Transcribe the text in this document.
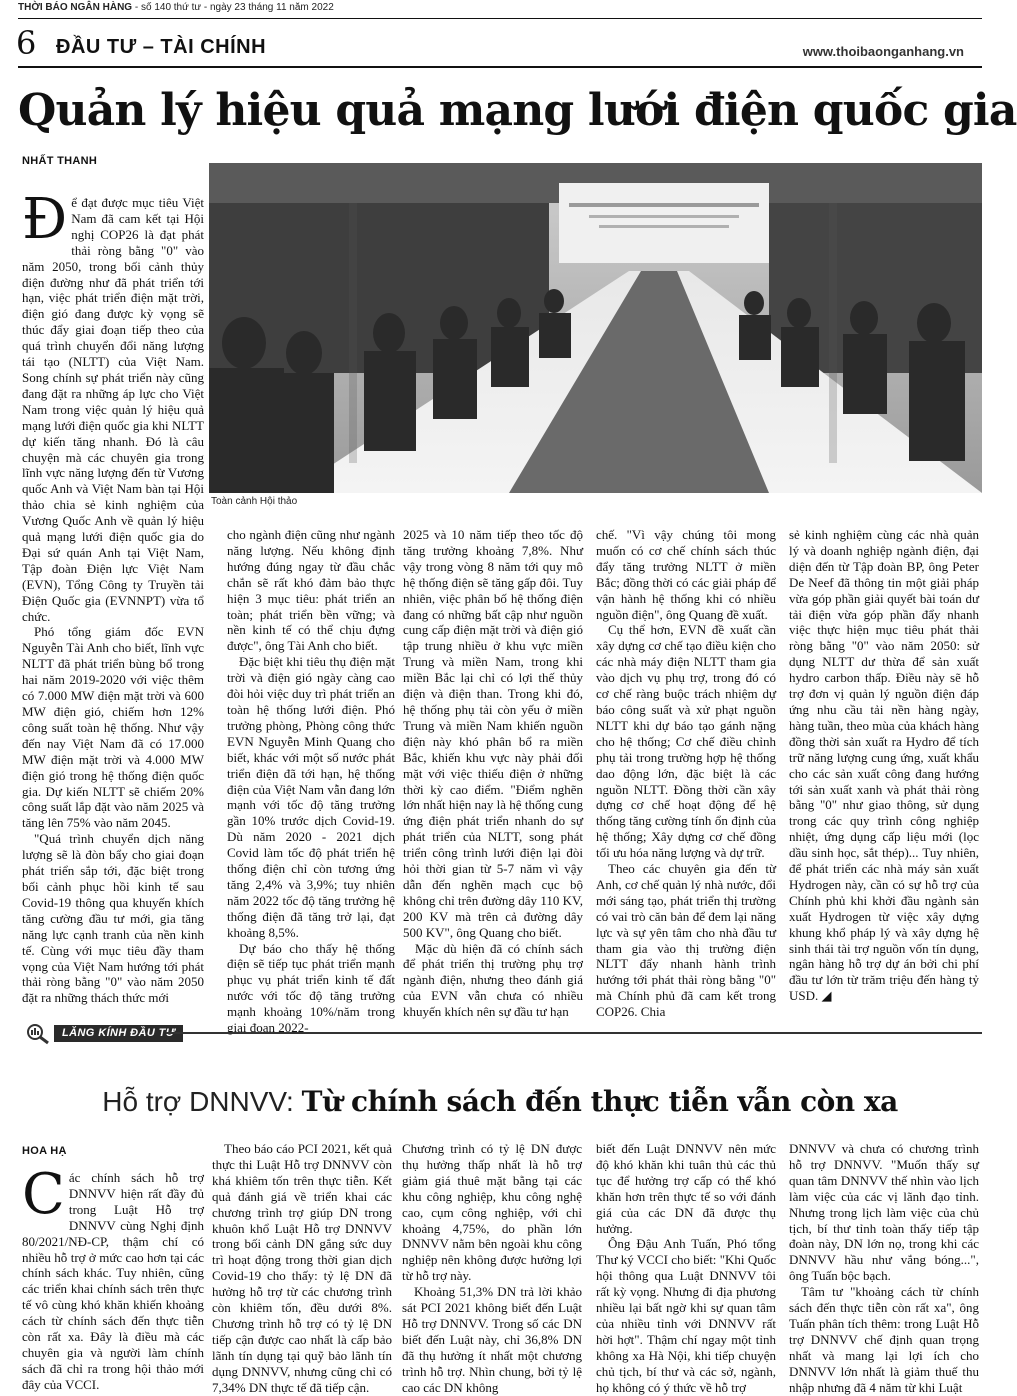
THỜI BÁO NGÂN HÀNG - số 140 thứ tư - ngày 23 tháng 11 năm 2022
6 ĐẦU TƯ – TÀI CHÍNH	www.thoibaonganhang.vn
Quản lý hiệu quả mạng lưới điện quốc gia
NHẤT THANH
Toàn cảnh Hội thảo

Để đạt được mục tiêu Việt Nam đã cam kết tại Hội nghị COP26 là đạt phát thải ròng bằng "0" vào năm 2050, trong bối cảnh thủy điện đường như đã phát triển tới hạn, việc phát triển điện mặt trời, điện gió đang được kỳ vọng sẽ thúc đẩy giai đoạn tiếp theo của quá trình chuyển đổi năng lượng tái tạo (NLTT) của Việt Nam. Song chính sự phát triển này cũng đang đặt ra những áp lực cho Việt Nam trong việc quản lý hiệu quả mạng lưới điện quốc gia khi NLTT dự kiến tăng nhanh. Đó là câu chuyện mà các chuyên gia trong lĩnh vực năng lượng đến từ Vương quốc Anh và Việt Nam bàn tại Hội thảo chia sẻ kinh nghiệm của Vương Quốc Anh về quản lý hiệu quả mạng lưới điện quốc gia do Đại sứ quán Anh tại Việt Nam, Tập đoàn Điện lực Việt Nam (EVN), Tổng Công ty Truyền tải Điện Quốc gia (EVNNPT) vừa tổ chức.

Phó tổng giám đốc EVN Nguyễn Tài Anh cho biết, lĩnh vực NLTT đã phát triển bùng bổ trong hai năm 2019-2020 với việc thêm có 7.000 MW điện mặt trời và 600 MW điện gió, chiếm hơn 12% công suất toàn hệ thống. Như vậy đến nay Việt Nam đã có 17.000 MW điện mặt trời và 4.000 MW điện gió trong hệ thống điện quốc gia. Dự kiến NLTT sẽ chiếm 20% công suất lắp đặt vào năm 2025 và tăng lên 75% vào năm 2045.

"Quá trình chuyển dịch năng lượng sẽ là đòn bẩy cho giai đoạn phát triển sắp tới, đặc biệt trong bối cảnh phục hồi kinh tế sau Covid-19 thông qua khuyến khích tăng cường đầu tư mới, gia tăng năng lực cạnh tranh của nền kinh tế. Cùng với mục tiêu đầy tham vọng của Việt Nam hướng tới phát thải ròng bằng "0" vào năm 2050 đặt ra những thách thức mới

cho ngành điện cũng như ngành năng lượng. Nếu không định hướng đúng ngay từ đầu chắc chắn sẽ rất khó đảm bảo thực hiện 3 mục tiêu: phát triển an toàn; phát triển bền vững; và nền kinh tế có thể chịu đựng được", ông Tài Anh cho biết.

Đặc biệt khi tiêu thụ điện mặt trời và điện gió ngày càng cao đòi hỏi việc duy trì phát triển an toàn hệ thống lưới điện. Phó trưởng phòng, Phòng công thức EVN Nguyễn Minh Quang cho biết, khác với một số nước phát triển điện đã tới hạn, hệ thống điện của Việt Nam vẫn đang lớn mạnh với tốc độ tăng trưởng gần 10% trước dịch Covid-19. Dù năm 2020 - 2021 dịch Covid làm tốc độ phát triển hệ thống điện chỉ còn tương ứng tăng 2,4% và 3,9%; tuy nhiên năm 2022 tốc độ tăng trưởng hệ thống điện đã tăng trở lại, đạt khoảng 8,5%.

Dự báo cho thấy hệ thống điện sẽ tiếp tục phát triển mạnh phục vụ phát triển kinh tế đất nước với tốc độ tăng trưởng mạnh khoảng 10%/năm trong giai đoạn 2022-

2025 và 10 năm tiếp theo tốc độ tăng trưởng khoảng 7,8%. Như vậy trong vòng 8 năm tới quy mô hệ thống điện sẽ tăng gấp đôi. Tuy nhiên, việc phân bố hệ thống điện đang có những bất cập như nguồn cung cấp điện mặt trời và điện gió tập trung nhiều ở khu vực miền Trung và miền Nam, trong khi miền Bắc lại chỉ có lợi thế thủy điện và điện than. Trong khi đó, hệ thống phụ tải còn yếu ở miền Trung và miền Nam khiến nguồn điện này khó phân bổ ra miền Bắc, khiến khu vực này phải đối mặt với việc thiếu điện ở những thời kỳ cao điểm. "Điểm nghẽn lớn nhất hiện nay là hệ thống cung ứng điện phát triển nhanh do sự phát triển của NLTT, song phát triển công trình lưới điện lại đòi hỏi thời gian từ 5-7 năm vì vậy dẫn đến nghẽn mạch cục bộ không chỉ trên đường dây 110 KV, 200 KV mà trên cả đường dây 500 KV", ông Quang cho biết.

Mặc dù hiện đã có chính sách để phát triển thị trường phụ trợ ngành điện, nhưng theo đánh giá của EVN vẫn chưa có nhiều khuyến khích nên sự đầu tư hạn

chế. "Vì vậy chúng tôi mong muốn có cơ chế chính sách thúc đẩy tăng trưởng NLTT ở miền Bắc; đồng thời có các giải pháp để vận hành hệ thống khi có nhiều nguồn điện", ông Quang đề xuất.

Cụ thể hơn, EVN đề xuất cần xây dựng cơ chế tạo điều kiện cho các nhà máy điện NLTT tham gia vào dịch vụ phụ trợ, trong đó có cơ chế ràng buộc trách nhiệm dự báo công suất và xử phạt nguồn NLTT khi dự báo tạo gánh nặng cho hệ thống; Cơ chế điều chỉnh phụ tải trong trường hợp hệ thống dao động lớn, đặc biệt là các nguồn NLTT. Đồng thời cần xây dựng cơ chế hoạt động để hệ thống tăng cường tính ổn định của hệ thống; Xây dựng cơ chế đồng tối ưu hóa năng lượng và dự trữ.

Theo các chuyên gia đến từ Anh, cơ chế quản lý nhà nước, đổi mới sáng tạo, phát triển thị trường có vai trò căn bản để đem lại năng lực và sự yên tâm cho nhà đầu tư tham gia vào thị trường điện NLTT đẩy nhanh hành trình hướng tới phát thải ròng bằng "0" mà Chính phủ đã cam kết trong COP26. Chia

sẻ kinh nghiệm cùng các nhà quản lý và doanh nghiệp ngành điện, đại diện đến từ Tập đoàn BP, ông Peter De Neef đã thông tin một giải pháp vừa góp phần giải quyết bài toán dư tải điện vừa góp phần đẩy nhanh việc thực hiện mục tiêu phát thải ròng bằng "0" vào năm 2050: sử dụng NLTT dư thừa để sản xuất hydro carbon thấp. Điều này sẽ hỗ trợ đơn vị quản lý nguồn điện đáp ứng nhu cầu tải nền hàng ngày, hàng tuần, theo mùa của khách hàng đồng thời sản xuất ra Hydro để tích trữ năng lượng cung ứng, xuất khẩu cho các sản xuất công đang hướng tới sản xuất xanh và phát thải ròng bằng "0" như giao thông, sử dụng trong các quy trình công nghiệp nhiệt, ứng dụng cấp liệu mới (lọc dầu sinh học, sắt thép)... Tuy nhiên, để phát triển các nhà máy sản xuất Hydrogen này, cần có sự hỗ trợ của Chính phủ khi khởi đầu ngành sản xuất Hydrogen từ việc xây dựng khung khổ pháp lý và xây dựng hệ sinh thái tài trợ nguồn vốn tín dụng, ngân hàng hỗ trợ dự án bởi chi phí đầu tư lớn từ trăm triệu đến hàng tỷ USD. ◢

LĂNG KÍNH ĐẦU TƯ
Hỗ trợ DNNVV: Từ chính sách đến thực tiễn vẫn còn xa
HOA HẠ

Các chính sách hỗ trợ DNNVV hiện rất đầy đủ trong Luật Hỗ trợ DNNVV cùng Nghị định 80/2021/NĐ-CP, thậm chí có nhiều hỗ trợ ở mức cao hơn tại các chính sách khác. Tuy nhiên, cũng các triển khai chính sách trên thực tế vô cùng khó khăn khiến khoảng cách từ chính sách đến thực tiễn còn rất xa. Đây là điều mà các chuyên gia và người làm chính sách đã chỉ ra trong hội thảo mới đây của VCCI.

Theo báo cáo PCI 2021, kết quả thực thi Luật Hỗ trợ DNNVV còn khá khiêm tốn trên thực tiễn. Kết quả đánh giá về triển khai các chương trình trợ giúp DN trong khuôn khổ Luật Hỗ trợ DNNVV trong bối cảnh DN gắng sức duy trì hoạt động trong thời gian dịch Covid-19 cho thấy: tỷ lệ DN đã hưởng hỗ trợ từ các chương trình còn khiêm tốn, đều dưới 8%. Chương trình hỗ trợ có tỷ lệ DN tiếp cận được cao nhất là cấp bảo lãnh tín dụng tại quỹ bảo lãnh tín dụng DNNVV, nhưng cũng chỉ có 7,34% DN thực tế đã tiếp cận.

Chương trình có tỷ lệ DN được thụ hưởng thấp nhất là hỗ trợ giảm giá thuê mặt bằng tại các khu công nghiệp, khu công nghệ cao, cụm công nghiệp, với chỉ khoảng 4,75%, do phần lớn DNNVV nằm bên ngoài khu công nghiệp nên không được hưởng lợi từ hỗ trợ này.

Khoảng 51,3% DN trả lời khảo sát PCI 2021 không biết đến Luật Hỗ trợ DNNVV. Trong số các DN biết đến Luật này, chỉ 36,8% DN đã thụ hưởng ít nhất một chương trình hỗ trợ. Nhìn chung, bởi tỷ lệ cao các DN không

biết đến Luật DNNVV nên mức độ khó khăn khi tuân thủ các thủ tục để hưởng trợ cấp có thể khó khăn hơn trên thực tế so với đánh giá của các DN đã được thụ hưởng.

Ông Đậu Anh Tuấn, Phó tổng Thư ký VCCI cho biết: "Khi Quốc hội thông qua Luật DNNVV tôi rất kỳ vọng. Nhưng đi địa phương nhiều lại bất ngờ khi sự quan tâm của nhiều tỉnh với DNNVV rất hời hợt". Thậm chí ngay một tỉnh không xa Hà Nội, khi tiếp chuyện chủ tịch, bí thư và các sở, ngành, họ không có ý thức về hỗ trợ

DNNVV và chưa có chương trình hỗ trợ DNNVV. "Muốn thấy sự quan tâm DNNVV thế nhìn vào lịch làm việc của các vị lãnh đạo tỉnh. Nhưng trong lịch làm việc của chủ tịch, bí thư tỉnh toàn thấy tiếp tập đoàn này, DN lớn nọ, trong khi các DNNVV hầu như vắng bóng...", ông Tuấn bộc bạch.

Tâm tư "khoảng cách từ chính sách đến thực tiễn còn rất xa", ông Tuấn phân tích thêm: trong Luật Hỗ trợ DNNVV chế định quan trọng nhất và mang lại lợi ích cho DNNVV lớn nhất là giảm thuế thu nhập nhưng đã 4 năm từ khi Luật
